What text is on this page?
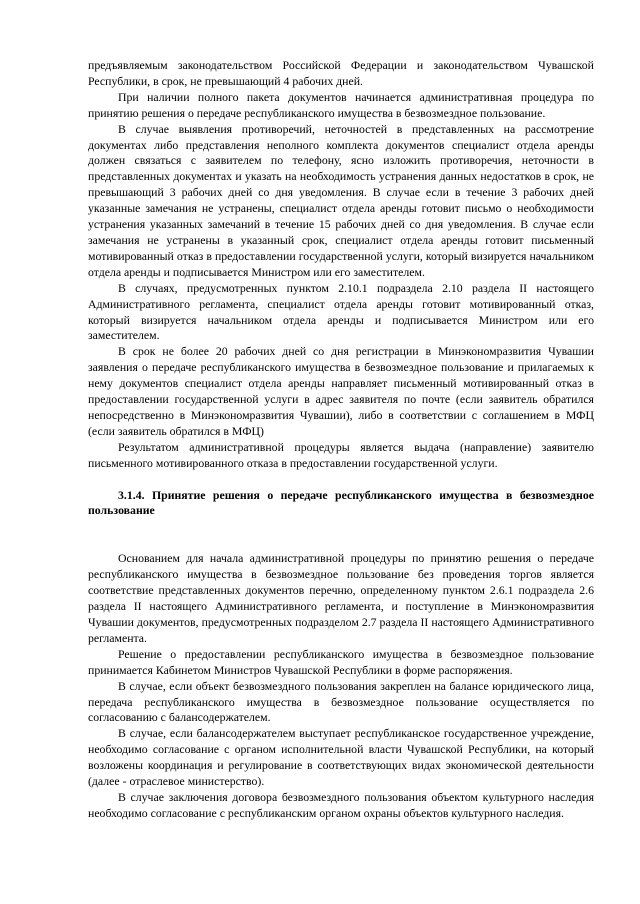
предъявляемым законодательством Российской Федерации и законодательством Чувашской Республики, в срок, не превышающий 4 рабочих дней.

При наличии полного пакета документов начинается административная процедура по принятию решения о передаче республиканского имущества в безвозмездное пользование.

В случае выявления противоречий, неточностей в представленных на рассмотрение документах либо представления неполного комплекта документов специалист отдела аренды должен связаться с заявителем по телефону, ясно изложить противоречия, неточности в представленных документах и указать на необходимость устранения данных недостатков в срок, не превышающий 3 рабочих дней со дня уведомления. В случае если в течение 3 рабочих дней указанные замечания не устранены, специалист отдела аренды готовит письмо о необходимости устранения указанных замечаний в течение 15 рабочих дней со дня уведомления. В случае если замечания не устранены в указанный срок, специалист отдела аренды готовит письменный мотивированный отказ в предоставлении государственной услуги, который визируется начальником отдела аренды и подписывается Министром или его заместителем.

В случаях, предусмотренных пунктом 2.10.1 подраздела 2.10 раздела II настоящего Административного регламента, специалист отдела аренды готовит мотивированный отказ, который визируется начальником отдела аренды и подписывается Министром или его заместителем.

В срок не более 20 рабочих дней со дня регистрации в Минэкономразвития Чувашии заявления о передаче республиканского имущества в безвозмездное пользование и прилагаемых к нему документов специалист отдела аренды направляет письменный мотивированный отказ в предоставлении государственной услуги в адрес заявителя по почте (если заявитель обратился непосредственно в Минэкономразвития Чувашии), либо в соответствии с соглашением в МФЦ (если заявитель обратился в МФЦ)

Результатом административной процедуры является выдача (направление) заявителю письменного мотивированного отказа в предоставлении государственной услуги.

3.1.4. Принятие решения о передаче республиканского имущества в безвозмездное пользование

Основанием для начала административной процедуры по принятию решения о передаче республиканского имущества в безвозмездное пользование без проведения торгов является соответствие представленных документов перечню, определенному пунктом 2.6.1 подраздела 2.6 раздела II настоящего Административного регламента, и поступление в Минэкономразвития Чувашии документов, предусмотренных подразделом 2.7 раздела II настоящего Административного регламента.

Решение о предоставлении республиканского имущества в безвозмездное пользование принимается Кабинетом Министров Чувашской Республики в форме распоряжения.

В случае, если объект безвозмездного пользования закреплен на балансе юридического лица, передача республиканского имущества в безвозмездное пользование осуществляется по согласованию с балансодержателем.

В случае, если балансодержателем выступает республиканское государственное учреждение, необходимо согласование с органом исполнительной власти Чувашской Республики, на который возложены координация и регулирование в соответствующих видах экономической деятельности (далее - отраслевое министерство).

В случае заключения договора безвозмездного пользования объектом культурного наследия необходимо согласование с республиканским органом охраны объектов культурного наследия.
